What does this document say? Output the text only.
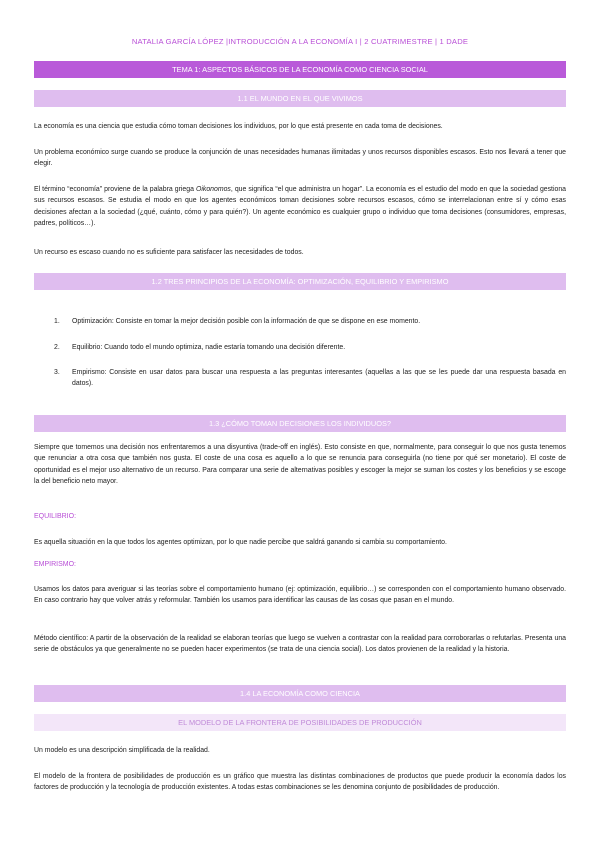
NATALIA GARCÍA LÓPEZ |INTRODUCCIÓN A LA ECONOMÍA I | 2 CUATRIMESTRE | 1 DADE
TEMA 1: ASPECTOS BÁSICOS DE LA ECONOMÍA COMO CIENCIA SOCIAL
1.1 EL MUNDO EN EL QUE VIVIMOS
La economía es una ciencia que estudia cómo toman decisiones los individuos, por lo que está presente en cada toma de decisiones.
Un problema económico surge cuando se produce la conjunción de unas necesidades humanas ilimitadas y unos recursos disponibles escasos. Esto nos llevará a tener que elegir.
El término “economía” proviene de la palabra griega Oikonomos, que significa “el que administra un hogar”. La economía es el estudio del modo en que la sociedad gestiona sus recursos escasos. Se estudia el modo en que los agentes económicos toman decisiones sobre recursos escasos, cómo se interrelacionan entre sí y cómo esas decisiones afectan a la sociedad (¿qué, cuánto, cómo y para quién?). Un agente económico es cualquier grupo o individuo que toma decisiones (consumidores, empresas, padres, políticos…).
Un recurso es escaso cuando no es suficiente para satisfacer las necesidades de todos.
1.2 TRES PRINCIPIOS DE LA ECONOMÍA: OPTIMIZACIÓN, EQUILIBRIO Y EMPIRISMO
1.	Optimización: Consiste en tomar la mejor decisión posible con la información de que se dispone en ese momento.
2.	Equilibrio: Cuando todo el mundo optimiza, nadie estaría tomando una decisión diferente.
3.	Empirismo: Consiste en usar datos para buscar una respuesta a las preguntas interesantes (aquellas a las que se les puede dar una respuesta basada en datos).
1.3 ¿CÓMO TOMAN DECISIONES LOS INDIVIDUOS?
Siempre que tomemos una decisión nos enfrentaremos a una disyuntiva (trade-off en inglés). Esto consiste en que, normalmente, para conseguir lo que nos gusta tenemos que renunciar a otra cosa que también nos gusta. El coste de una cosa es aquello a lo que se renuncia para conseguirla (no tiene por qué ser monetario). El coste de oportunidad es el mejor uso alternativo de un recurso. Para comparar una serie de alternativas posibles y escoger la mejor se suman los costes y los beneficios y se escoge la del beneficio neto mayor.
EQUILIBRIO:
Es aquella situación en la que todos los agentes optimizan, por lo que nadie percibe que saldrá ganando si cambia su comportamiento.
EMPIRISMO:
Usamos los datos para averiguar si las teorías sobre el comportamiento humano (ej: optimización, equilibrio…) se corresponden con el comportamiento humano observado. En caso contrario hay que volver atrás y reformular. También los usamos para identificar las causas de las cosas que pasan en el mundo.
Método científico: A partir de la observación de la realidad se elaboran teorías que luego se vuelven a contrastar con la realidad para corroborarlas o refutarlas. Presenta una serie de obstáculos ya que generalmente no se pueden hacer experimentos (se trata de una ciencia social). Los datos provienen de la realidad y la historia.
1.4 LA ECONOMÍA COMO CIENCIA
EL MODELO DE LA FRONTERA DE POSIBILIDADES DE PRODUCCIÓN
Un modelo es una descripción simplificada de la realidad.
El modelo de la frontera de posibilidades de producción es un gráfico que muestra las distintas combinaciones de productos que puede producir la economía dados los factores de producción y la tecnología de producción existentes. A todas estas combinaciones se les denomina conjunto de posibilidades de producción.
